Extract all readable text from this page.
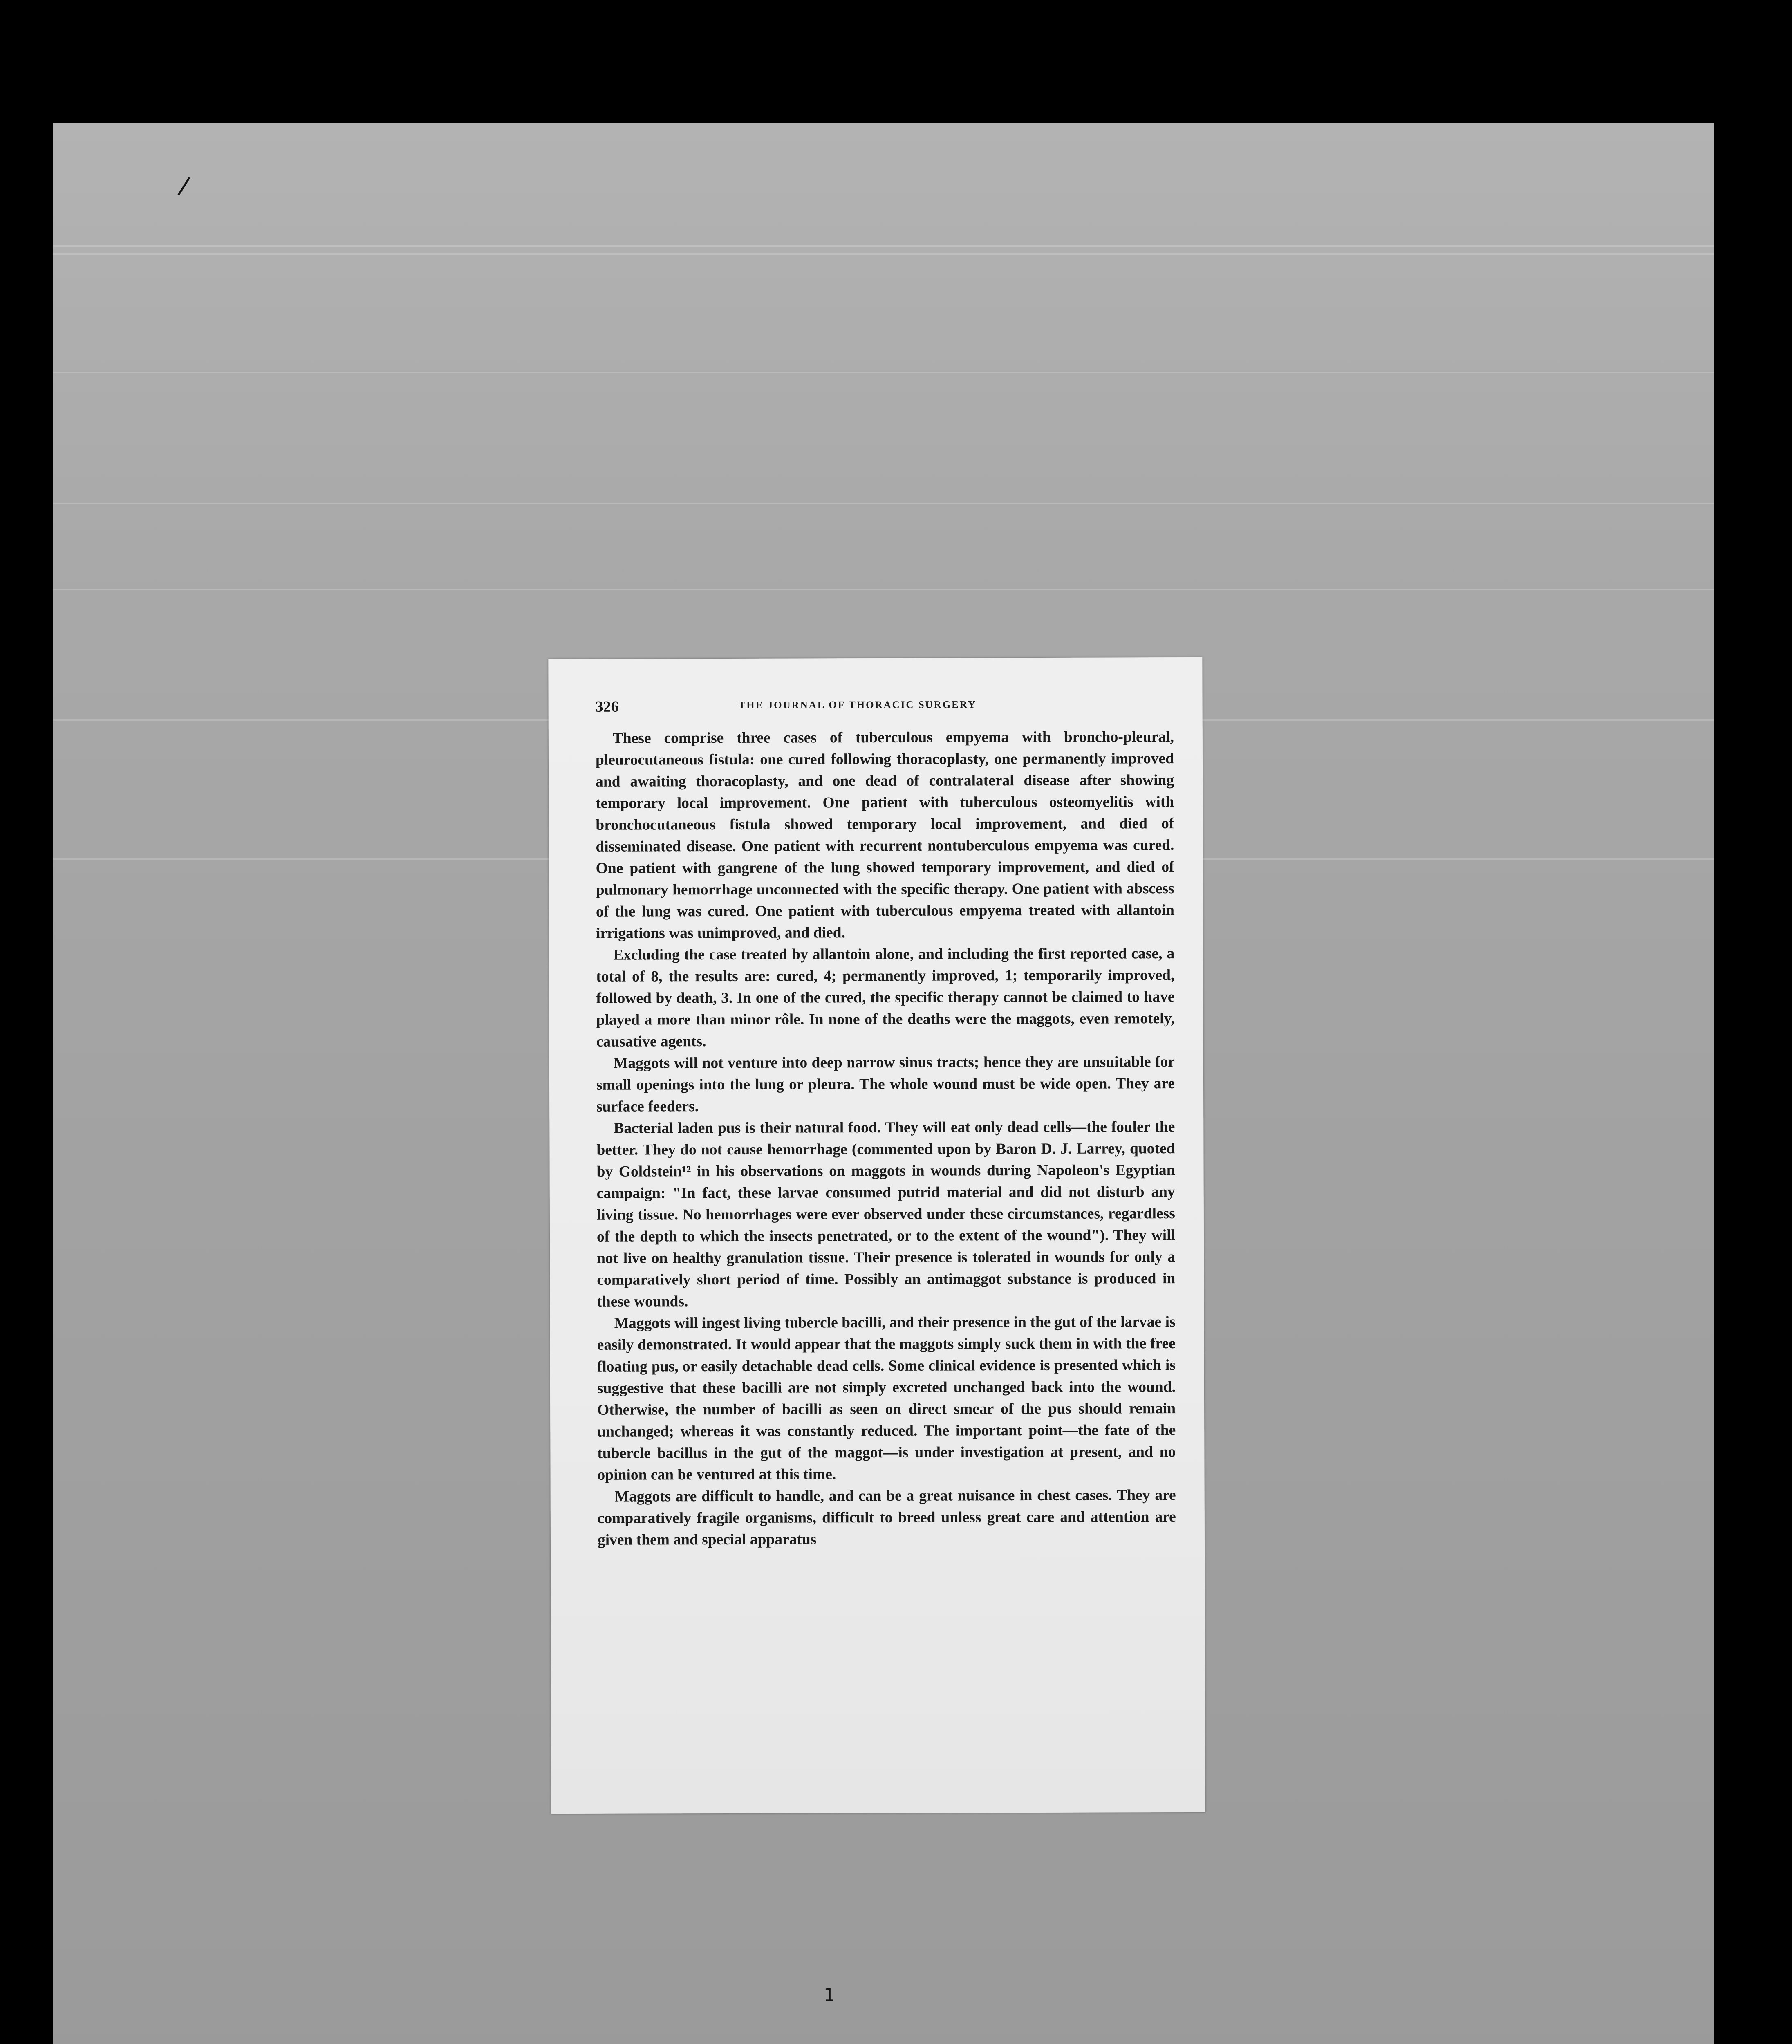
/
1
326	THE JOURNAL OF THORACIC SURGERY

These comprise three cases of tuberculous empyema with broncho-pleural, pleurocutaneous fistula: one cured following thoracoplasty, one permanently improved and awaiting thoracoplasty, and one dead of contralateral disease after showing temporary local improvement. One patient with tuberculous osteomyelitis with bronchocutaneous fistula showed temporary local improvement, and died of disseminated disease. One patient with recurrent nontuberculous empyema was cured. One patient with gangrene of the lung showed temporary improvement, and died of pulmonary hemorrhage unconnected with the specific therapy. One patient with abscess of the lung was cured. One patient with tuberculous empyema treated with allantoin irrigations was unimproved, and died.

Excluding the case treated by allantoin alone, and including the first reported case, a total of 8, the results are: cured, 4; permanently improved, 1; temporarily improved, followed by death, 3. In one of the cured, the specific therapy cannot be claimed to have played a more than minor rôle. In none of the deaths were the maggots, even remotely, causative agents.

Maggots will not venture into deep narrow sinus tracts; hence they are unsuitable for small openings into the lung or pleura. The whole wound must be wide open. They are surface feeders.

Bacterial laden pus is their natural food. They will eat only dead cells—the fouler the better. They do not cause hemorrhage (commented upon by Baron D. J. Larrey, quoted by Goldstein¹² in his observations on maggots in wounds during Napoleon's Egyptian campaign: "In fact, these larvae consumed putrid material and did not disturb any living tissue. No hemorrhages were ever observed under these circumstances, regardless of the depth to which the insects penetrated, or to the extent of the wound"). They will not live on healthy granulation tissue. Their presence is tolerated in wounds for only a comparatively short period of time. Possibly an antimaggot substance is produced in these wounds.

Maggots will ingest living tubercle bacilli, and their presence in the gut of the larvae is easily demonstrated. It would appear that the maggots simply suck them in with the free floating pus, or easily detachable dead cells. Some clinical evidence is presented which is suggestive that these bacilli are not simply excreted unchanged back into the wound. Otherwise, the number of bacilli as seen on direct smear of the pus should remain unchanged; whereas it was constantly reduced. The important point—the fate of the tubercle bacillus in the gut of the maggot—is under investigation at present, and no opinion can be ventured at this time.

Maggots are difficult to handle, and can be a great nuisance in chest cases. They are comparatively fragile organisms, difficult to breed unless great care and attention are given them and special apparatus
